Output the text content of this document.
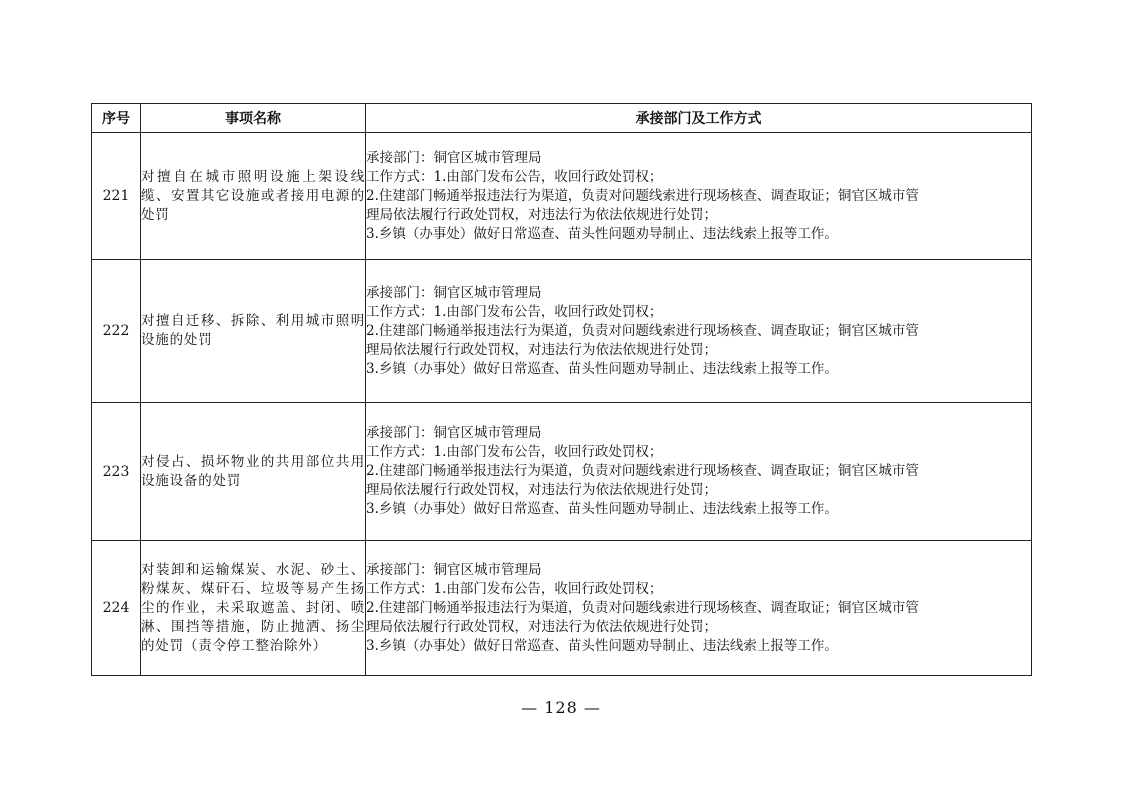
序号	事项名称	承接部门及工作方式
221	对擅自在城市照明设施上架设线缆、安置其它设施或者接用电源的处罚	承接部门：铜官区城市管理局
工作方式：1.由部门发布公告，收回行政处罚权；
2.住建部门畅通举报违法行为渠道，负责对问题线索进行现场核查、调查取证；铜官区城市管
理局依法履行行政处罚权，对违法行为依法依规进行处罚；
3.乡镇（办事处）做好日常巡查、苗头性问题劝导制止、违法线索上报等工作。

222	对擅自迁移、拆除、利用城市照明设施的处罚	承接部门：铜官区城市管理局
工作方式：1.由部门发布公告，收回行政处罚权；
2.住建部门畅通举报违法行为渠道，负责对问题线索进行现场核查、调查取证；铜官区城市管
理局依法履行行政处罚权，对违法行为依法依规进行处罚；
3.乡镇（办事处）做好日常巡查、苗头性问题劝导制止、违法线索上报等工作。

223	对侵占、损坏物业的共用部位共用设施设备的处罚	承接部门：铜官区城市管理局
工作方式：1.由部门发布公告，收回行政处罚权；
2.住建部门畅通举报违法行为渠道，负责对问题线索进行现场核查、调查取证；铜官区城市管
理局依法履行行政处罚权，对违法行为依法依规进行处罚；
3.乡镇（办事处）做好日常巡查、苗头性问题劝导制止、违法线索上报等工作。

224	对装卸和运输煤炭、水泥、砂土、粉煤灰、煤矸石、垃圾等易产生扬尘的作业，未采取遮盖、封闭、喷淋、围挡等措施，防止抛洒、扬尘的处罚（责令停工整治除外）	承接部门：铜官区城市管理局
工作方式：1.由部门发布公告，收回行政处罚权；
2.住建部门畅通举报违法行为渠道，负责对问题线索进行现场核查、调查取证；铜官区城市管
理局依法履行行政处罚权，对违法行为依法依规进行处罚；
3.乡镇（办事处）做好日常巡查、苗头性问题劝导制止、违法线索上报等工作。
— 128 —
